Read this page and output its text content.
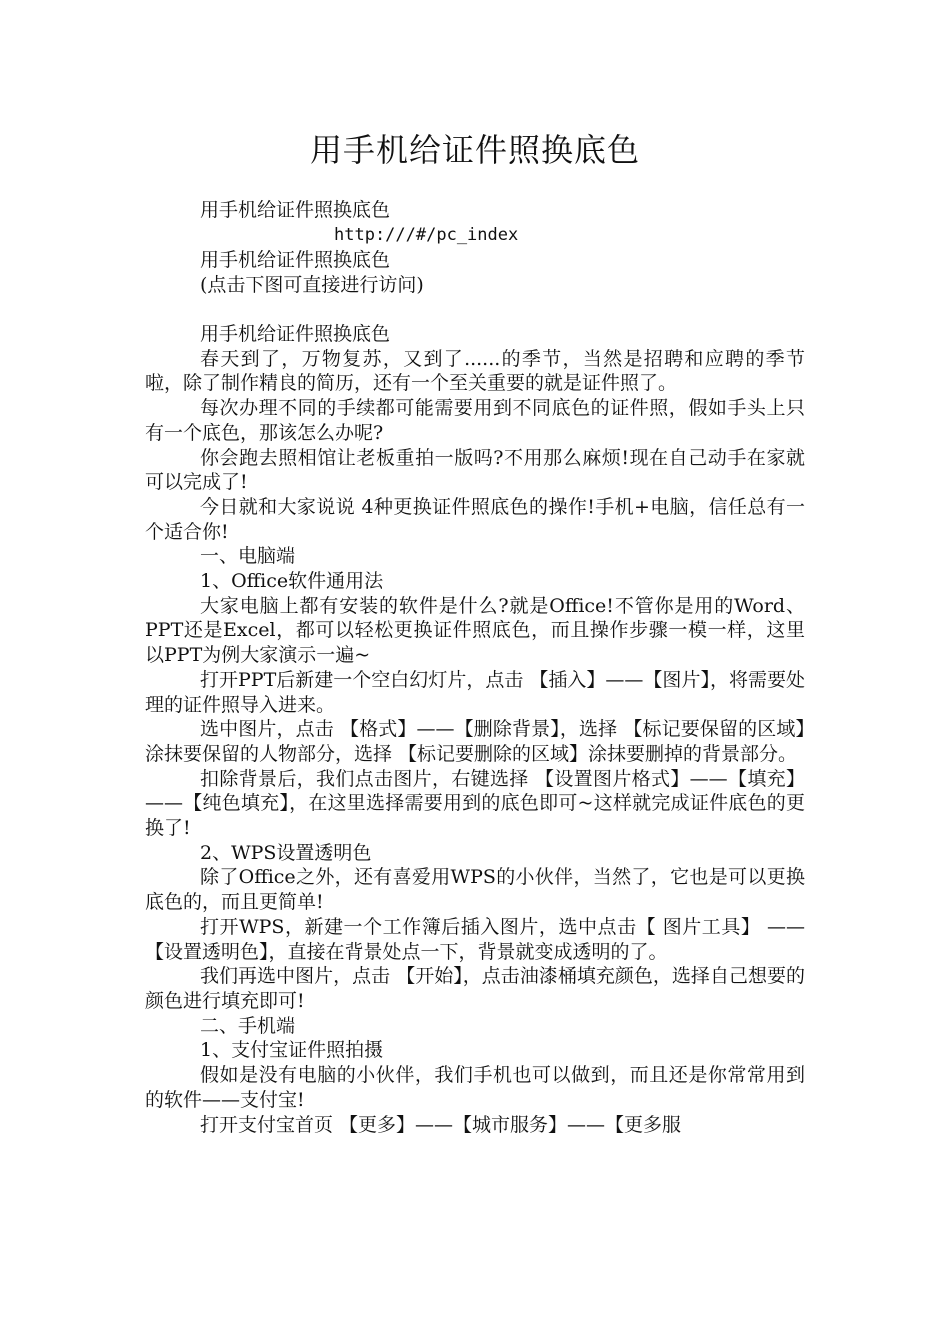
用手机给证件照换底色
用手机给证件照换底色
http:///#/pc_index
用手机给证件照换底色
(点击下图可直接进行访问)

用手机给证件照换底色

春天到了，万物复苏，又到了......的季节，当然是招聘和应聘的季节啦，除了制作精良的简历，还有一个至关重要的就是证件照了。

每次办理不同的手续都可能需要用到不同底色的证件照，假如手头上只有一个底色，那该怎么办呢?

你会跑去照相馆让老板重拍一版吗?不用那么麻烦!现在自己动手在家就可以完成了!

今日就和大家说说 4种更换证件照底色的操作!手机+电脑，信任总有一个适合你!

一、电脑端

1、Office软件通用法

大家电脑上都有安装的软件是什么?就是Office!不管你是用的Word、PPT还是Excel，都可以轻松更换证件照底色，而且操作步骤一模一样，这里以PPT为例大家演示一遍~

打开PPT后新建一个空白幻灯片，点击 【插入】——【图片】，将需要处理的证件照导入进来。

选中图片，点击 【格式】——【删除背景】，选择 【标记要保留的区域】涂抹要保留的人物部分，选择 【标记要删除的区域】涂抹要删掉的背景部分。

扣除背景后，我们点击图片，右键选择 【设置图片格式】——【填充】——【纯色填充】，在这里选择需要用到的底色即可~这样就完成证件底色的更换了!

2、WPS设置透明色

除了Office之外，还有喜爱用WPS的小伙伴，当然了，它也是可以更换底色的，而且更简单!

打开WPS，新建一个工作簿后插入图片，选中点击【 图片工具】 ——【设置透明色】，直接在背景处点一下，背景就变成透明的了。

我们再选中图片，点击 【开始】，点击油漆桶填充颜色，选择自己想要的颜色进行填充即可!

二、手机端

1、支付宝证件照拍摄

假如是没有电脑的小伙伴，我们手机也可以做到，而且还是你常常用到的软件——支付宝!

打开支付宝首页 【更多】——【城市服务】——【更多服
